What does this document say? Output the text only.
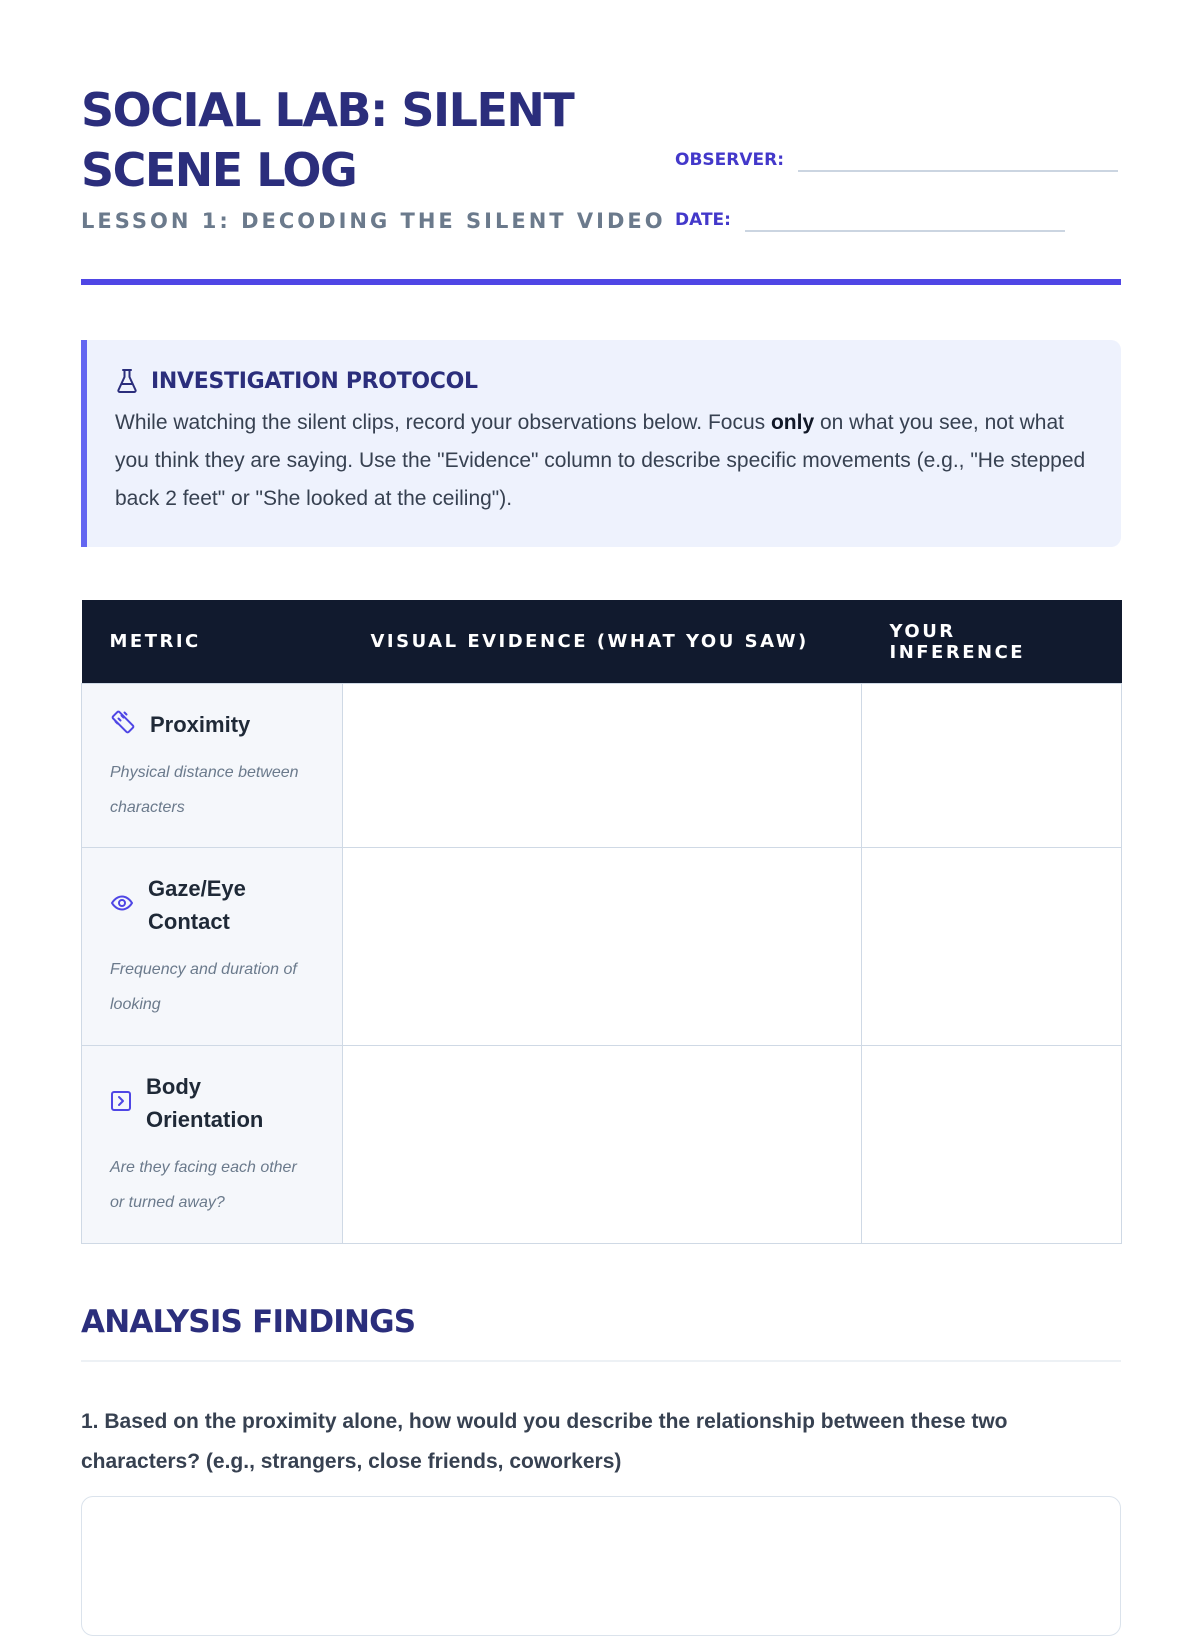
SOCIAL LAB: SILENT SCENE LOG
LESSON 1: DECODING THE SILENT VIDEO
OBSERVER:
DATE:
INVESTIGATION PROTOCOL
While watching the silent clips, record your observations below. Focus only on what you see, not what you think they are saying. Use the "Evidence" column to describe specific movements (e.g., "He stepped back 2 feet" or "She looked at the ceiling").
METRIC	VISUAL EVIDENCE (WHAT YOU SAW)	YOUR INFERENCE

Proximity
Physical distance between characters		

Gaze/Eye Contact
Frequency and duration of looking		

Body Orientation
Are they facing each other or turned away?		

ANALYSIS FINDINGS
1. Based on the proximity alone, how would you describe the relationship between these two characters? (e.g., strangers, close friends, coworkers)
